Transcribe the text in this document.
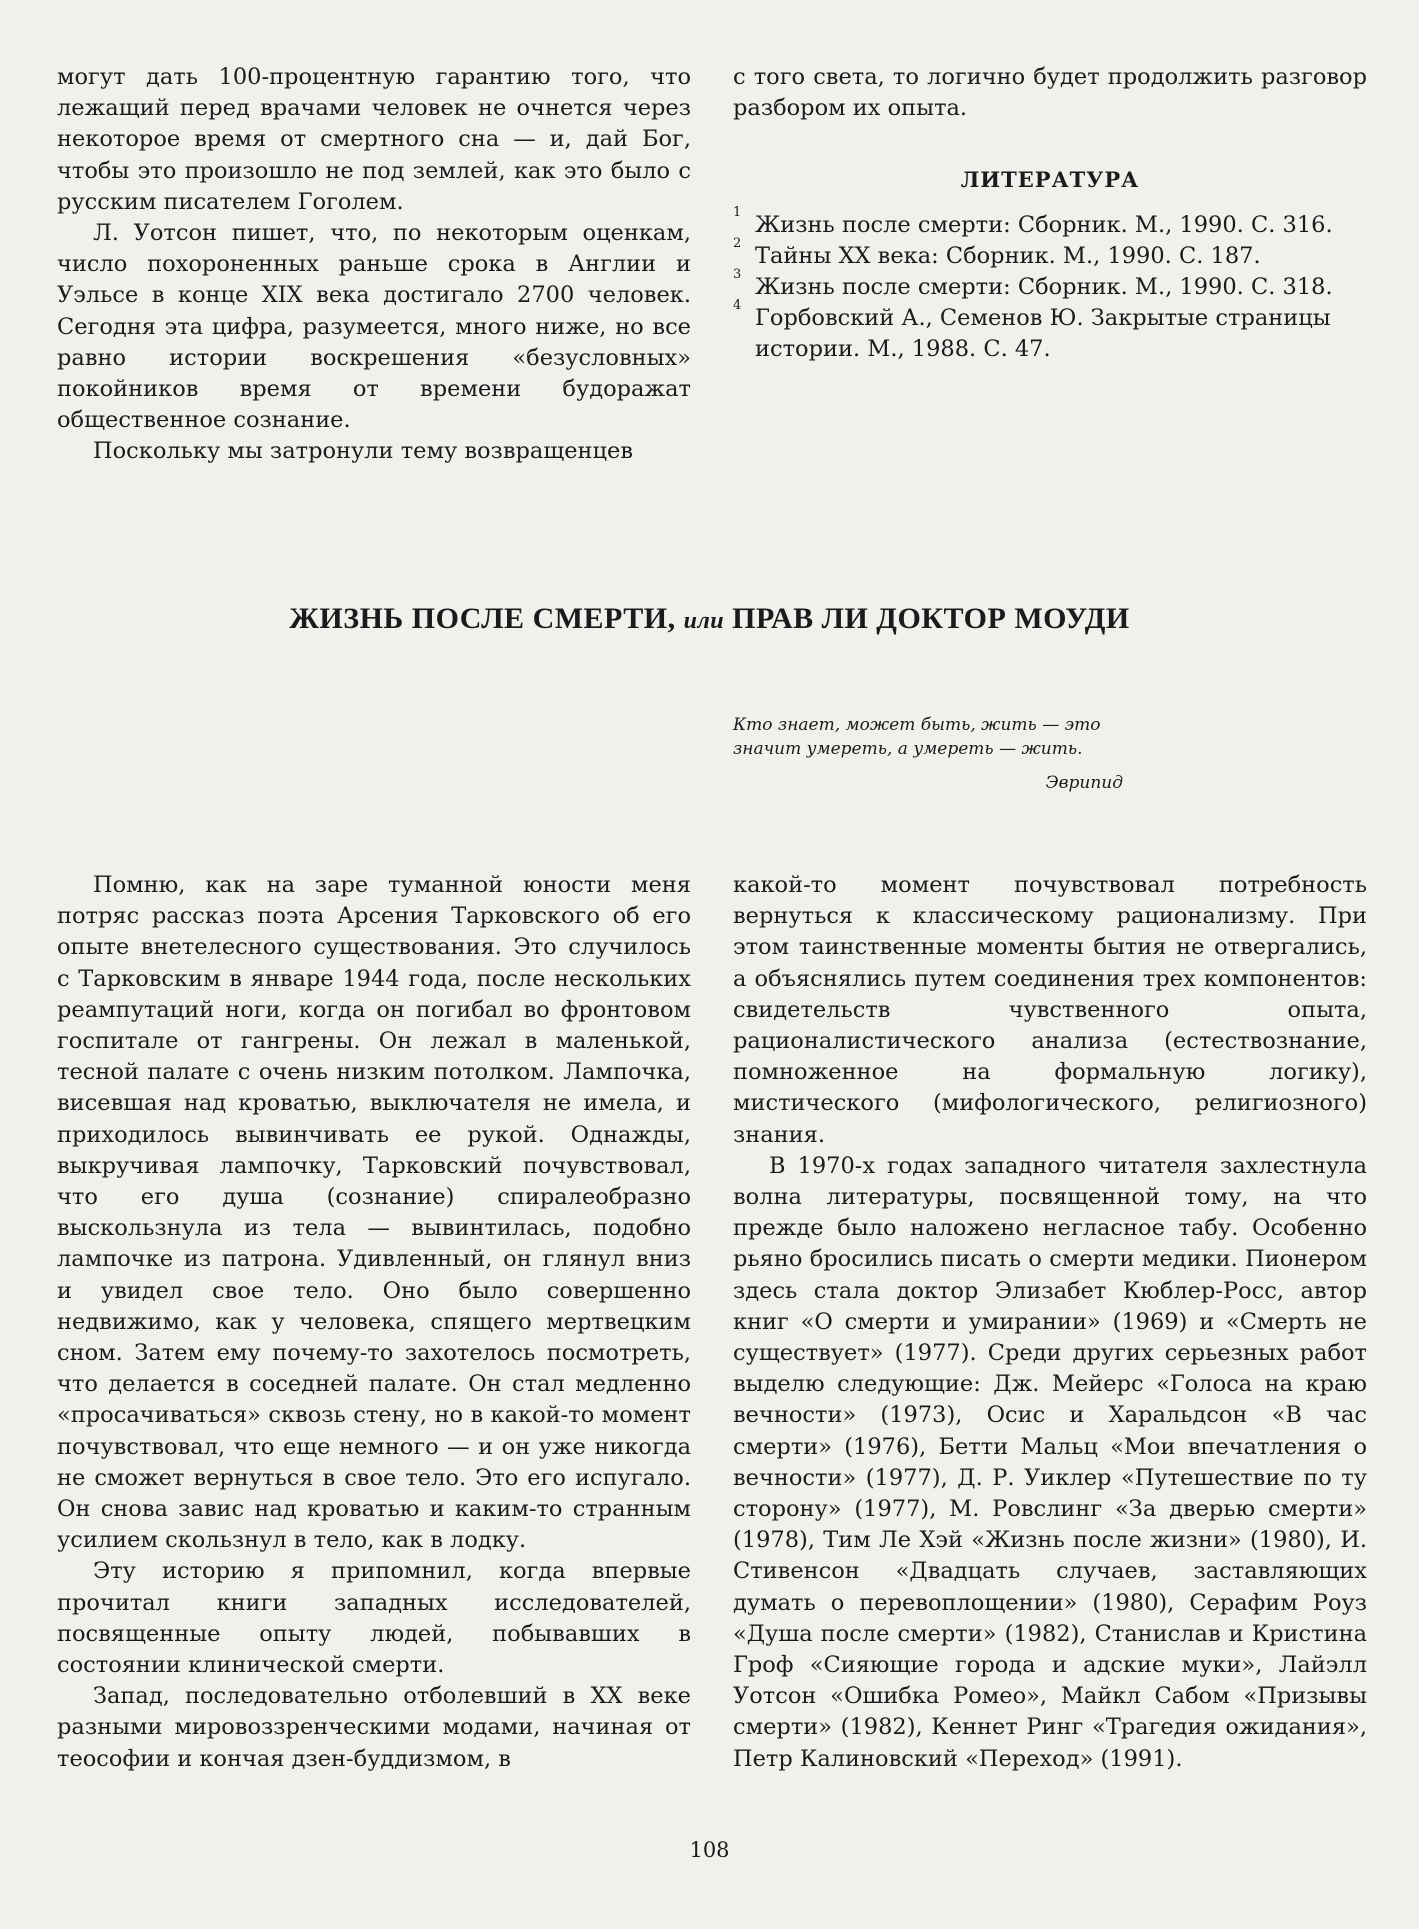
могут дать 100-процентную гарантию того, что лежащий перед врачами человек не очнется через некоторое время от смертного сна — и, дай Бог, чтобы это произошло не под землей, как это было с русским писателем Гоголем.

Л. Уотсон пишет, что, по некоторым оценкам, число похороненных раньше срока в Англии и Уэльсе в конце XIX века достигало 2700 человек. Сегодня эта цифра, разумеется, много ниже, но все равно истории воскрешения «безусловных» покойников время от времени будоражат общественное сознание.

Поскольку мы затронули тему возвращенцев

с того света, то логично будет продолжить разговор разбором их опыта.

ЛИТЕРАТУРА

1 Жизнь после смерти: Сборник. М., 1990. С. 316.
2 Тайны XX века: Сборник. М., 1990. С. 187.
3 Жизнь после смерти: Сборник. М., 1990. С. 318.
4 Горбовский А., Семенов Ю. Закрытые страницы истории. М., 1988. С. 47.
ЖИЗНЬ ПОСЛЕ СМЕРТИ, или ПРАВ ЛИ ДОКТОР МОУДИ

Кто знает, может быть, жить — это значит умереть, а умереть — жить.

Эврипид

Помню, как на заре туманной юности меня потряс рассказ поэта Арсения Тарковского об его опыте внетелесного существования. Это случилось с Тарковским в январе 1944 года, после нескольких реампутаций ноги, когда он погибал во фронтовом госпитале от гангрены. Он лежал в маленькой, тесной палате с очень низким потолком. Лампочка, висевшая над кроватью, выключателя не имела, и приходилось вывинчивать ее рукой. Однажды, выкручивая лампочку, Тарковский почувствовал, что его душа (сознание) спиралеобразно выскользнула из тела — вывинтилась, подобно лампочке из патрона. Удивленный, он глянул вниз и увидел свое тело. Оно было совершенно недвижимо, как у человека, спящего мертвецким сном. Затем ему почему-то захотелось посмотреть, что делается в соседней палате. Он стал медленно «просачиваться» сквозь стену, но в какой-то момент почувствовал, что еще немного — и он уже никогда не сможет вернуться в свое тело. Это его испугало. Он снова завис над кроватью и каким-то странным усилием скользнул в тело, как в лодку.

Эту историю я припомнил, когда впервые прочитал книги западных исследователей, посвященные опыту людей, побывавших в состоянии клинической смерти.

Запад, последовательно отболевший в XX веке разными мировоззренческими модами, начиная от теософии и кончая дзен-буддизмом, в

какой-то момент почувствовал потребность вернуться к классическому рационализму. При этом таинственные моменты бытия не отвергались, а объяснялись путем соединения трех компонентов: свидетельств чувственного опыта, рационалистического анализа (естествознание, помноженное на формальную логику), мистического (мифологического, религиозного) знания.

В 1970-х годах западного читателя захлестнула волна литературы, посвященной тому, на что прежде было наложено негласное табу. Особенно рьяно бросились писать о смерти медики. Пионером здесь стала доктор Элизабет Кюблер-Росс, автор книг «О смерти и умирании» (1969) и «Смерть не существует» (1977). Среди других серьезных работ выделю следующие: Дж. Мейерс «Голоса на краю вечности» (1973), Осис и Харальдсон «В час смерти» (1976), Бетти Мальц «Мои впечатления о вечности» (1977), Д. Р. Уиклер «Путешествие по ту сторону» (1977), М. Ровслинг «За дверью смерти» (1978), Тим Ле Хэй «Жизнь после жизни» (1980), И. Стивенсон «Двадцать случаев, заставляющих думать о перевоплощении» (1980), Серафим Роуз «Душа после смерти» (1982), Станислав и Кристина Гроф «Сияющие города и адские муки», Лайэлл Уотсон «Ошибка Ромео», Майкл Сабом «Призывы смерти» (1982), Кеннет Ринг «Трагедия ожидания», Петр Калиновский «Переход» (1991).

108
